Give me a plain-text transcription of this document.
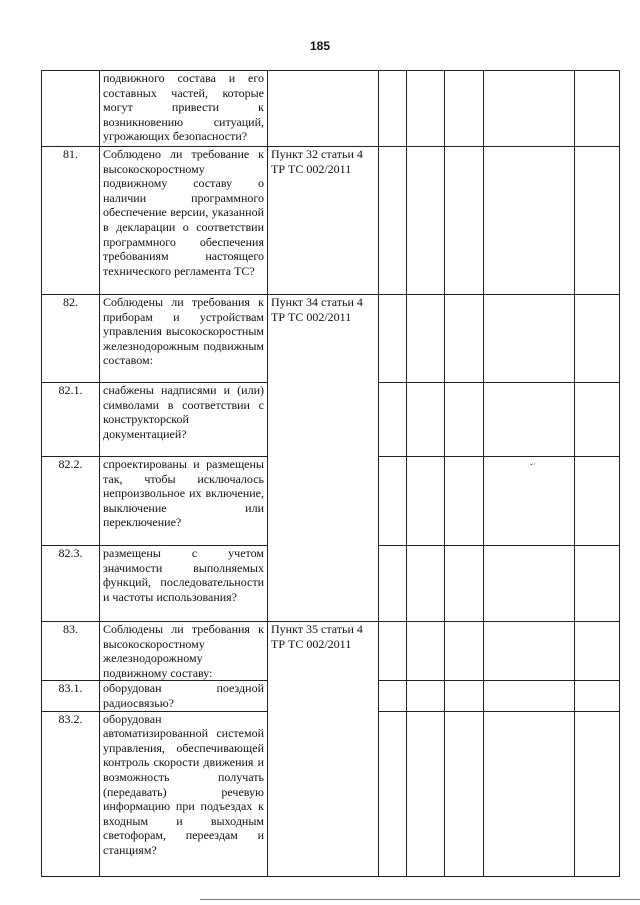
185
	подвижного состава и его составных частей, которые могут привести к возникновению ситуаций, угрожающих безопасности?						
81.	Соблюдено ли требование к высокоскоростному подвижному составу о наличии программного обеспечение версии, указанной в декларации о соответствии программного обеспечения требованиям настоящего технического регламента ТС?	Пункт 32 статьи 4 ТР ТС 002/2011					
82.	Соблюдены ли требования к приборам и устройствам управления высокоскоростным железнодорожным подвижным составом:	Пункт 34 статьи 4 ТР ТС 002/2011					
82.1.	снабжены надписями и (или) символами в соответствии с конструкторской документацией?						
82.2.	спроектированы и размещены так, чтобы исключалось непроизвольное их включение, выключение или переключение?						
82.3.	размещены с учетом значимости выполняемых функций, последовательности и частоты использования?						
83.	Соблюдены ли требования к высокоскоростному железнодорожному подвижному составу:	Пункт 35 статьи 4 ТР ТС 002/2011					
83.1.	оборудован поездной радиосвязью?						
83.2.	оборудован автоматизированной системой управления, обеспечивающей контроль скорости движения и возможность получать (передавать) речевую информацию при подъездах к входным и выходным светофорам, переездам и станциям?						
ˇ˙
